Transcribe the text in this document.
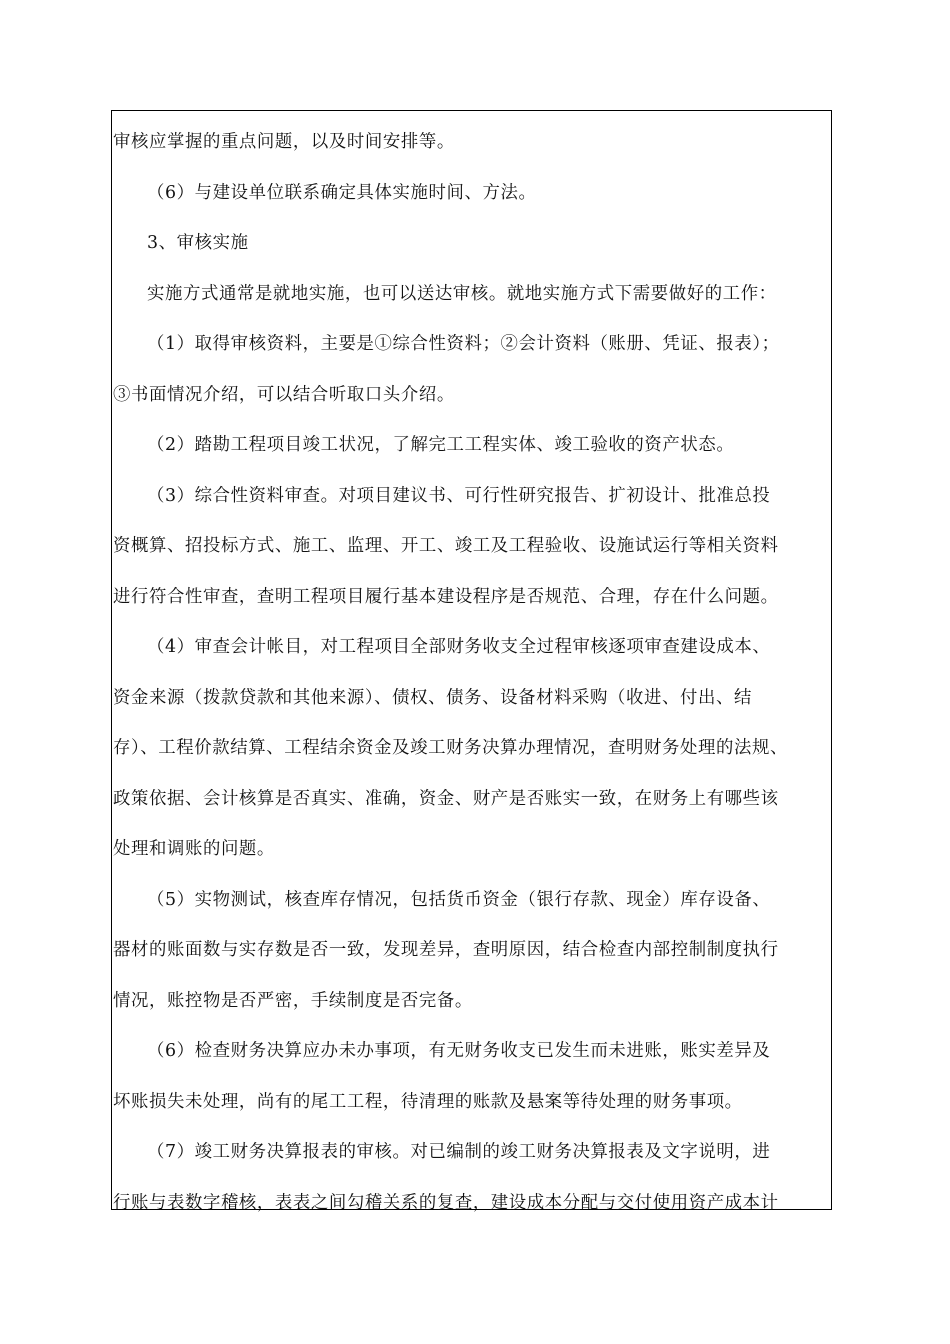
审核应掌握的重点问题，以及时间安排等。
（6）与建设单位联系确定具体实施时间、方法。
3、审核实施
实施方式通常是就地实施，也可以送达审核。就地实施方式下需要做好的工作：
（1）取得审核资料，主要是①综合性资料；②会计资料（账册、凭证、报表）；
③书面情况介绍，可以结合听取口头介绍。
（2）踏勘工程项目竣工状况，了解完工工程实体、竣工验收的资产状态。
（3）综合性资料审查。对项目建议书、可行性研究报告、扩初设计、批准总投
资概算、招投标方式、施工、监理、开工、竣工及工程验收、设施试运行等相关资料
进行符合性审查，查明工程项目履行基本建设程序是否规范、合理，存在什么问题。
（4）审查会计帐目，对工程项目全部财务收支全过程审核逐项审查建设成本、
资金来源（拨款贷款和其他来源）、债权、债务、设备材料采购（收进、付出、结
存）、工程价款结算、工程结余资金及竣工财务决算办理情况，查明财务处理的法规、
政策依据、会计核算是否真实、准确，资金、财产是否账实一致，在财务上有哪些该
处理和调账的问题。
（5）实物测试，核查库存情况，包括货币资金（银行存款、现金）库存设备、
器材的账面数与实存数是否一致，发现差异，查明原因，结合检查内部控制制度执行
情况，账控物是否严密，手续制度是否完备。
（6）检查财务决算应办未办事项，有无财务收支已发生而未进账，账实差异及
坏账损失未处理，尚有的尾工工程，待清理的账款及悬案等待处理的财务事项。
（7）竣工财务决算报表的审核。对已编制的竣工财务决算报表及文字说明，进
行账与表数字稽核，表表之间勾稽关系的复查，建设成本分配与交付使用资产成本计
